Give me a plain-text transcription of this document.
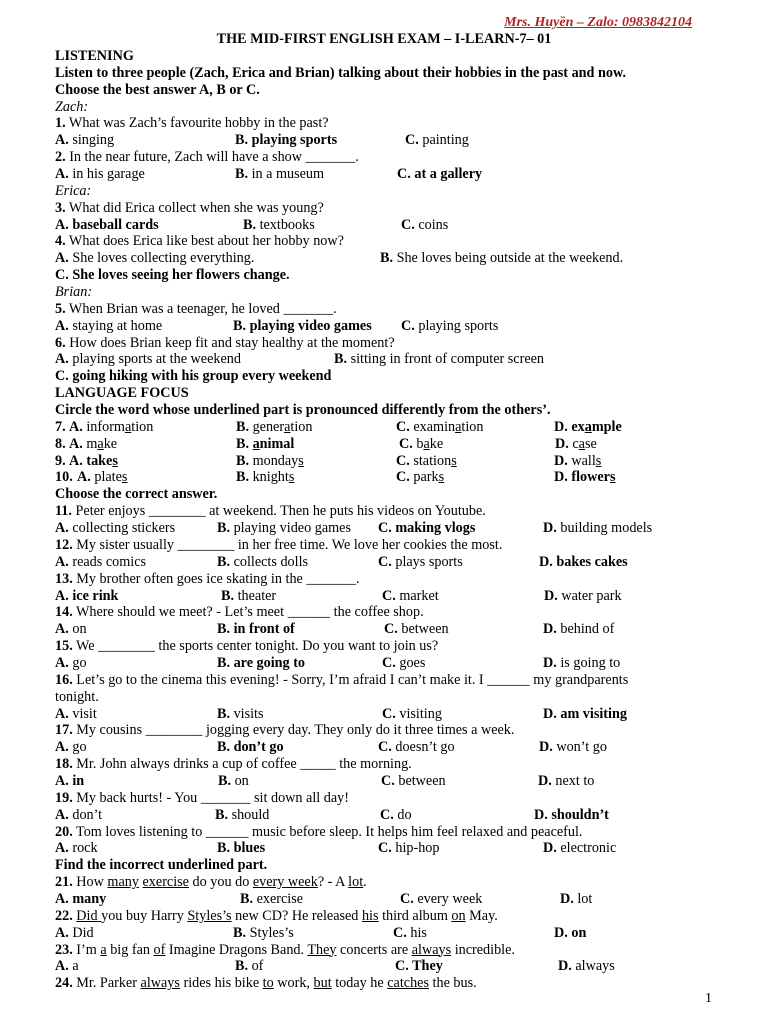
Mrs. Huyền – Zalo: 0983842104
THE MID-FIRST ENGLISH EXAM – I-LEARN-7– 01
LISTENING
Listen to three people (Zach, Erica and Brian) talking about their hobbies in the past and now.
Choose the best answer A, B or C.
Zach:
1. What was Zach’s favourite hobby in the past?
A. singing	B. playing sports	C. painting
2. In the near future, Zach will have a show _______.
A. in his garage	B. in a museum	C. at a gallery
Erica:
3. What did Erica collect when she was young?
A. baseball cards	B. textbooks	C. coins
4. What does Erica like best about her hobby now?
A. She loves collecting everything.	B. She loves being outside at the weekend.
C. She loves seeing her flowers change.
Brian:
5. When Brian was a teenager, he loved _______.
A. staying at home	B. playing video games C. playing sports
6. How does Brian keep fit and stay healthy at the moment?
A. playing sports at the weekend	B. sitting in front of computer screen
C. going hiking with his group every weekend
LANGUAGE FOCUS
Circle the word whose underlined part is pronounced differently from the others’.
7. A. information	B. generation	C. examination	D. example
8. A. make	B. animal	C. bake	D. case
9. A. takes	B. mondays	C. stations	D. walls
10. A. plates	B. knights	C. parks	D. flowers
Choose the correct answer.
11. Peter enjoys ________ at weekend. Then he puts his videos on Youtube.
A. collecting stickers	B. playing video games C. making vlogs	D. building models
12. My sister usually ________ in her free time. We love her cookies the most.
A. reads comics	B. collects dolls	C. plays sports	D. bakes cakes
13. My brother often goes ice skating in the _______.
A. ice rink	B. theater	C. market	D. water park
14. Where should we meet? - Let’s meet ______ the coffee shop.
A. on	B. in front of	C. between	D. behind of
15. We ________ the sports center tonight. Do you want to join us?
A. go	B. are going to	C. goes	D. is going to
16. Let’s go to the cinema this evening! - Sorry, I’m afraid I can’t make it. I ______ my grandparents
tonight.
A. visit	B. visits	C. visiting	D. am visiting
17. My cousins ________ jogging every day. They only do it three times a week.
A. go	B. don’t go	C. doesn’t go	D. won’t go
18. Mr. John always drinks a cup of coffee _____ the morning.
A. in	B. on	C. between	D. next to
19. My back hurts! - You _______ sit down all day!
A. don’t	B. should	C. do	D. shouldn’t
20. Tom loves listening to ______ music before sleep. It helps him feel relaxed and peaceful.
A. rock	B. blues	C. hip-hop	D. electronic
Find the incorrect underlined part.
21. How many exercise do you do every week? - A lot.
A. many	B. exercise	C. every week	D. lot
22. Did you buy Harry Styles’s new CD? He released his third album on May.
A. Did	B. Styles’s	C. his	D. on
23. I’m a big fan of Imagine Dragons Band. They concerts are always incredible.
A. a	B. of	C. They	D. always
24. Mr. Parker always rides his bike to work, but today he catches the bus.
1
